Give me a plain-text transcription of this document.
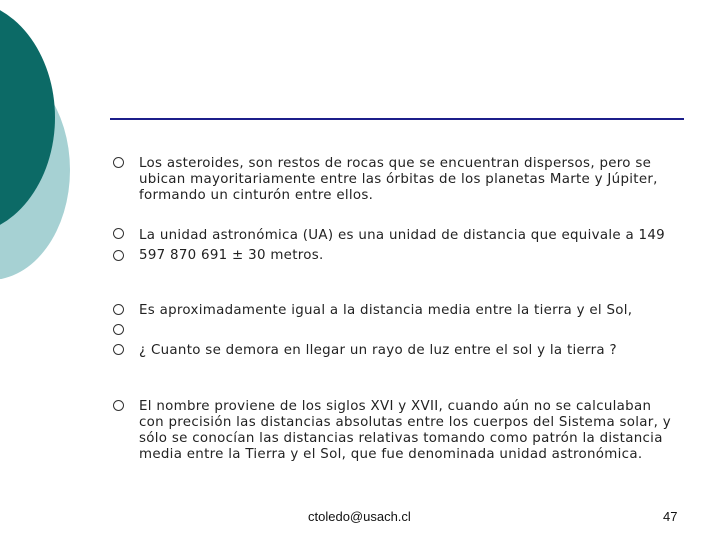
Los asteroides, son restos de rocas que se encuentran dispersos, pero se ubican mayoritariamente entre las órbitas de los planetas Marte y Júpiter, formando un cinturón entre ellos.
La unidad astronómica (UA) es una unidad de distancia que equivale a 149 597 870 691 ± 30 metros.
Es aproximadamente igual a la distancia media entre la tierra y el Sol,
¿ Cuanto se demora en llegar un rayo de luz entre el sol y la tierra ?
El nombre proviene de los siglos XVI y XVII, cuando aún no se calculaban con precisión las distancias absolutas entre los cuerpos del Sistema solar, y sólo se conocían las distancias relativas tomando como patrón la distancia media entre la Tierra y el Sol, que fue denominada unidad astronómica.
ctoledo@usach.cl	47
